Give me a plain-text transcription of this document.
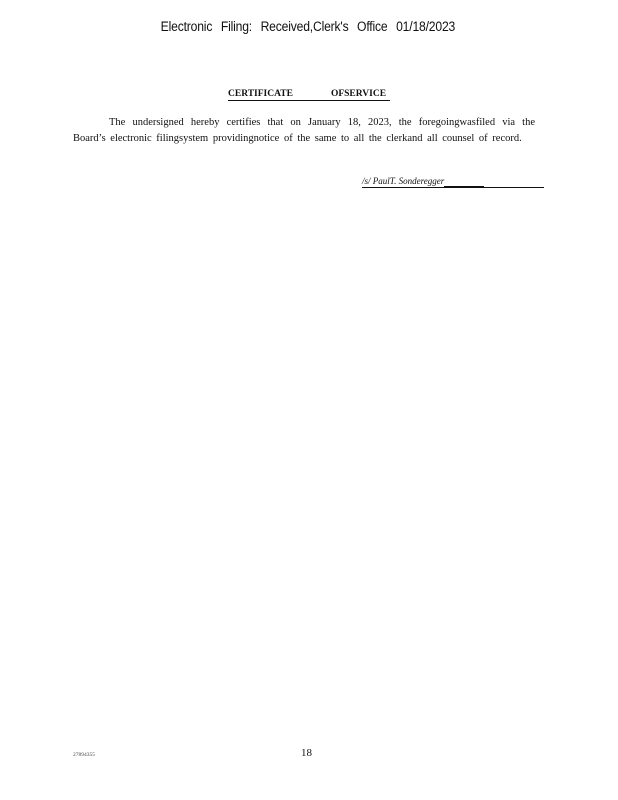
Electronic Filing: Received,Clerk's Office 01/18/2023
CERTIFICATE	OFSERVICE
The undersigned hereby certifies that on January 18, 2023, the foregoingwasfiled via the Board’s electronic filingsystem providingnotice of the same to all the clerkand all counsel of record.
/s/ PaulT. Sonderegger
27894355	18
